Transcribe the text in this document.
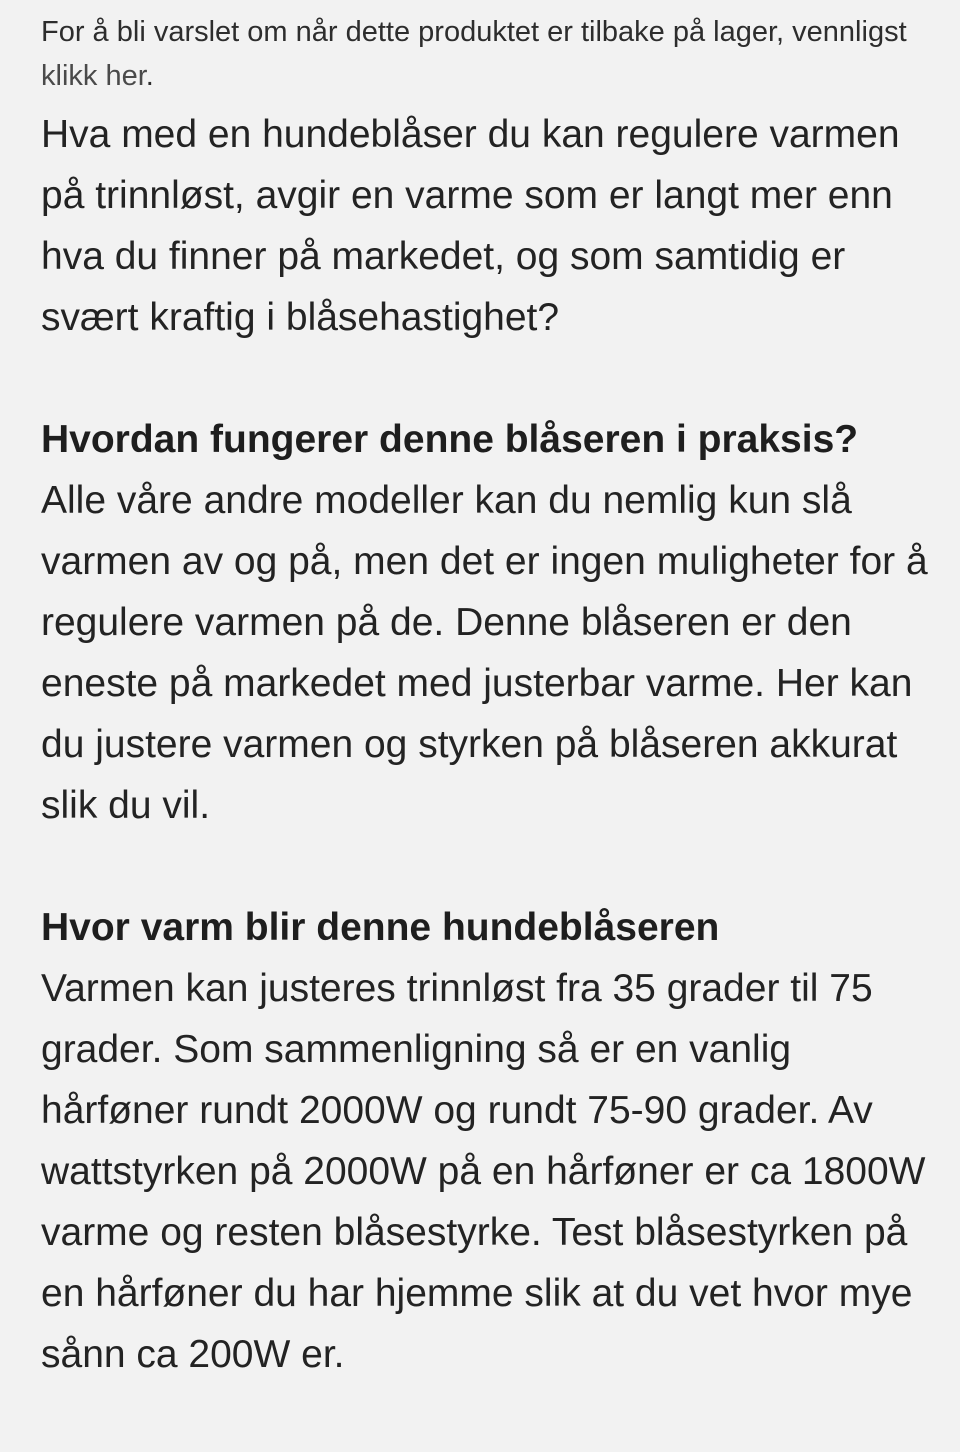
For å bli varslet om når dette produktet er tilbake på lager, vennligst klikk her.

Hva med en hundeblåser du kan regulere varmen på trinnløst, avgir en varme som er langt mer enn hva du finner på markedet, og som samtidig er svært kraftig i blåsehastighet?

Hvordan fungerer denne blåseren i praksis?

Alle våre andre modeller kan du nemlig kun slå varmen av og på, men det er ingen muligheter for å regulere varmen på de. Denne blåseren er den eneste på markedet med justerbar varme. Her kan du justere varmen og styrken på blåseren akkurat slik du vil.

Hvor varm blir denne hundeblåseren

Varmen kan justeres trinnløst fra 35 grader til 75 grader. Som sammenligning så er en vanlig hårføner rundt 2000W og rundt 75-90 grader. Av wattstyrken på 2000W på en hårføner er ca 1800W varme og resten blåsestyrke. Test blåsestyrken på en hårføner du har hjemme slik at du vet hvor mye sånn ca 200W er.
